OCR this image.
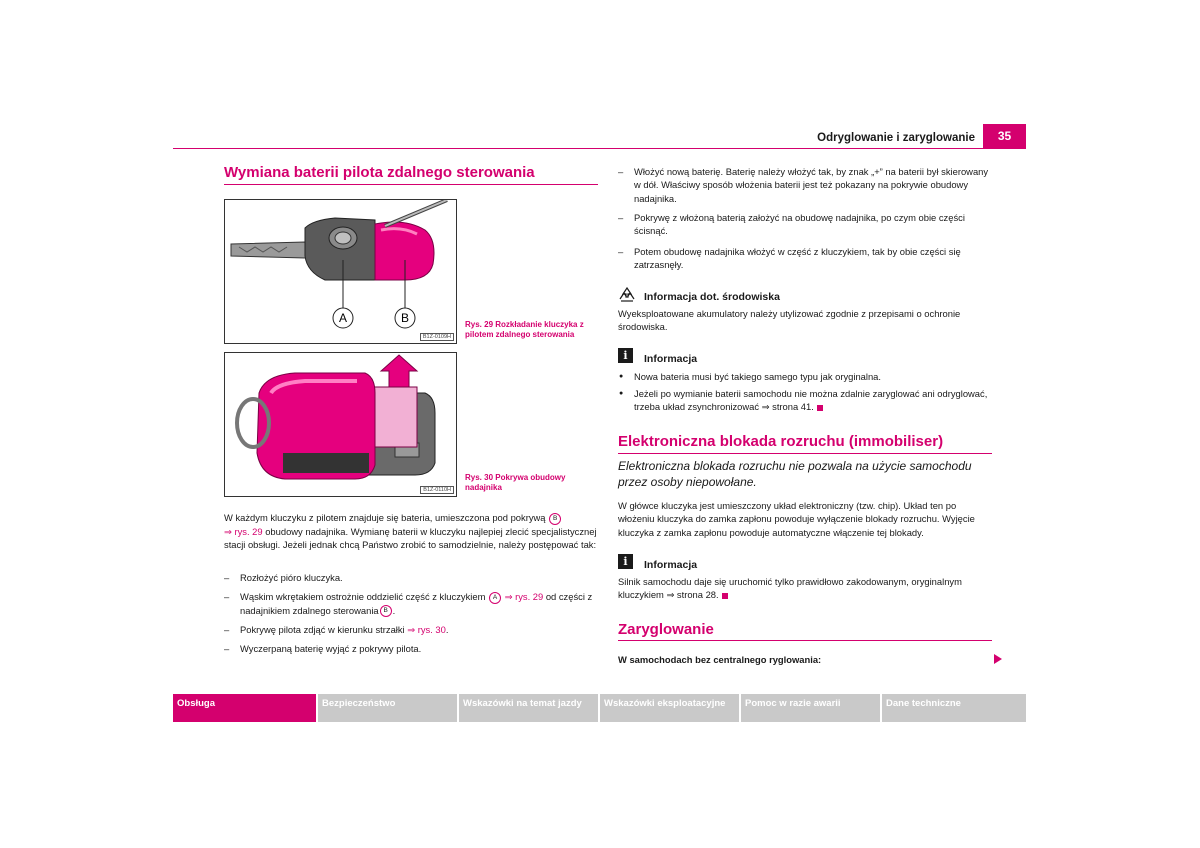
Odryglowanie i zaryglowanie	35
Wymiana baterii pilota zdalnego sterowania
A	B
B1Z-0109H
Rys. 29 Rozkładanie kluczyka z pilotem zdalnego sterowania
B1Z-0110H
Rys. 30 Pokrywa obudowy nadajnika
W każdym kluczyku z pilotem znajduje się bateria, umieszczona pod pokrywą B
⇒ rys. 29 obudowy nadajnika. Wymianę baterii w kluczyku najlepiej zlecić specjalistycznej stacji obsługi. Jeżeli jednak chcą Państwo zrobić to samodzielnie, należy postępować tak:
– Rozłożyć pióro kluczyka.
– Wąskim wkrętakiem ostrożnie oddzielić część z kluczykiem A ⇒ rys. 29 od części z nadajnikiem zdalnego sterowania B .
– Pokrywę pilota zdjąć w kierunku strzałki ⇒ rys. 30.
– Wyczerpaną baterię wyjąć z pokrywy pilota.
– Włożyć nową baterię. Baterię należy włożyć tak, by znak „+” na baterii był skierowany w dół. Właściwy sposób włożenia baterii jest też pokazany na pokrywie obudowy nadajnika.
– Pokrywę z włożoną baterią założyć na obudowę nadajnika, po czym obie części ścisnąć.
– Potem obudowę nadajnika włożyć w część z kluczykiem, tak by obie części się zatrzasnęły.
Informacja dot. środowiska
Wyeksploatowane akumulatory należy utylizować zgodnie z przepisami o ochronie środowiska.
i	Informacja
● Nowa bateria musi być takiego samego typu jak oryginalna.
● Jeżeli po wymianie baterii samochodu nie można zdalnie zaryglować ani odryglować, trzeba układ zsynchronizować ⇒ strona 41.
Elektroniczna blokada rozruchu (immobiliser)
Elektroniczna blokada rozruchu nie pozwala na użycie samochodu przez osoby niepowołane.
W główce kluczyka jest umieszczony układ elektroniczny (tzw. chip). Układ ten po włożeniu kluczyka do zamka zapłonu powoduje wyłączenie blokady rozruchu. Wyjęcie kluczyka z zamka zapłonu powoduje automatyczne włączenie tej blokady.
i	Informacja
Silnik samochodu daje się uruchomić tylko prawidłowo zakodowanym, oryginalnym kluczykiem ⇒ strona 28.
Zaryglowanie
W samochodach bez centralnego ryglowania:
Obsługa	Bezpieczeństwo	Wskazówki na temat jazdy	Wskazówki eksploatacyjne	Pomoc w razie awarii	Dane techniczne
